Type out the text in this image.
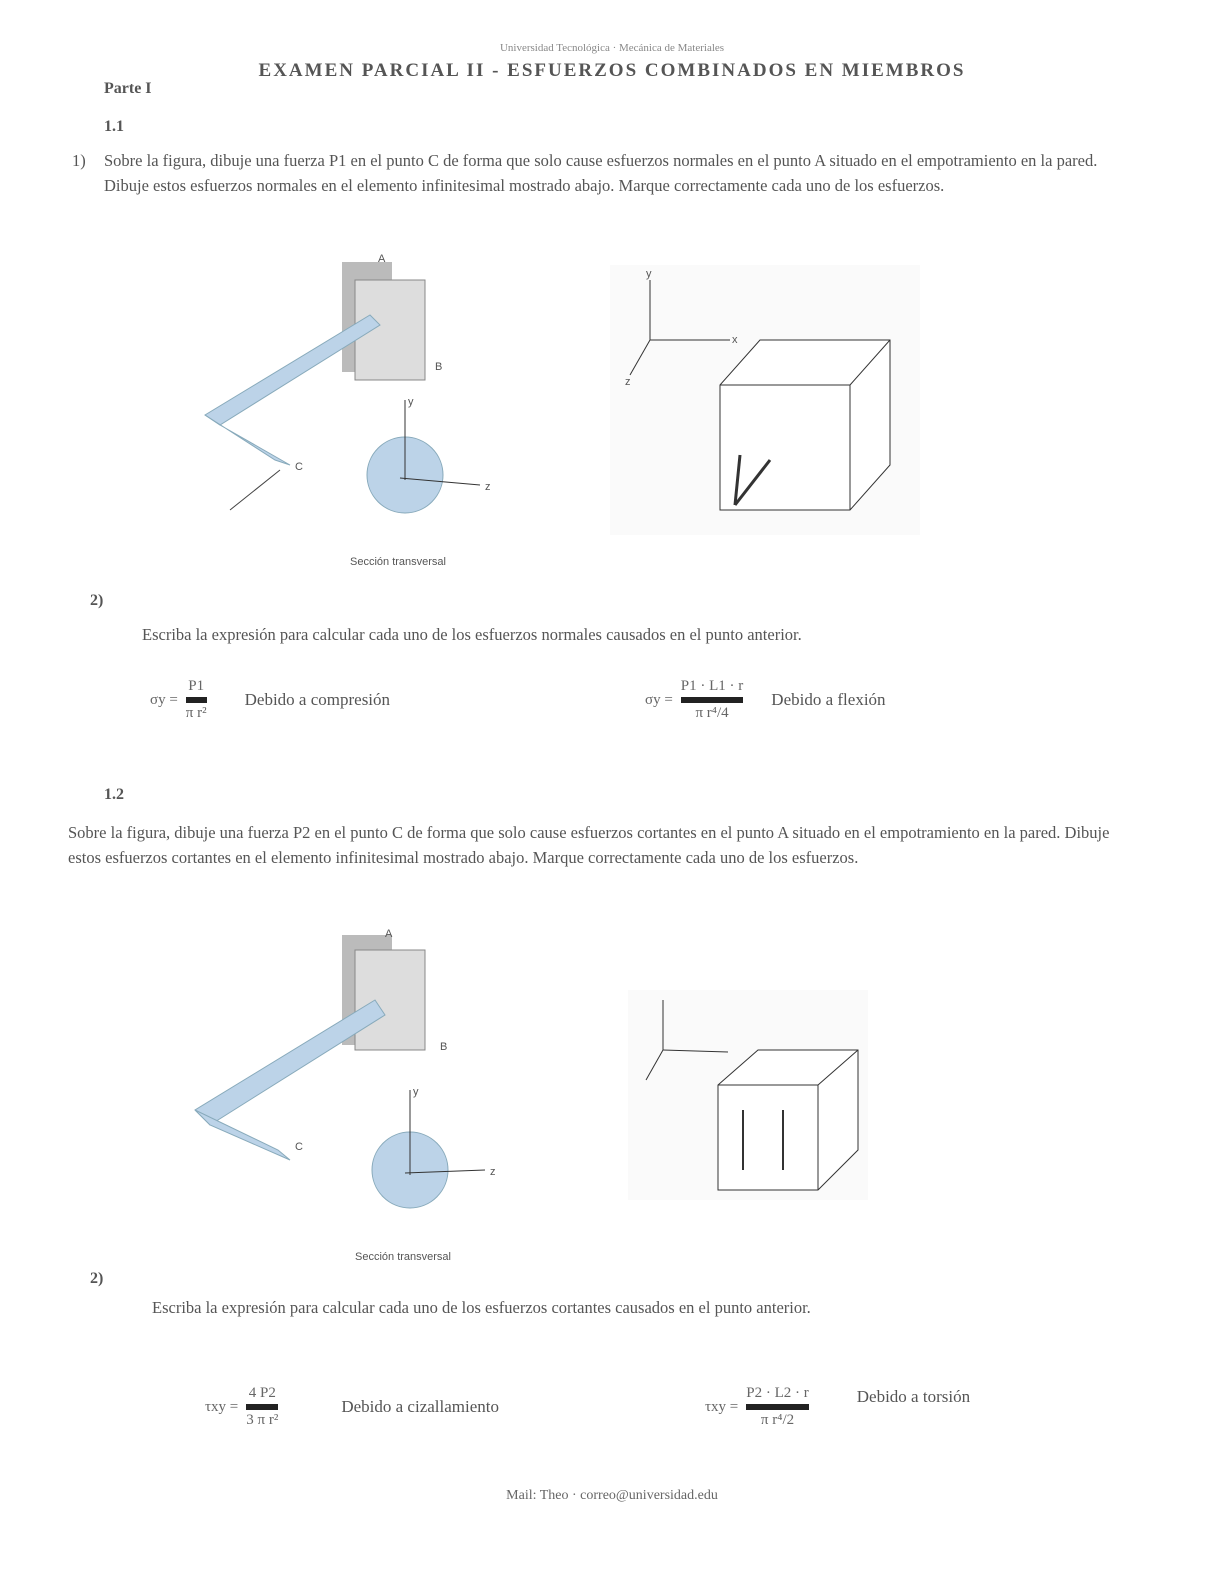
Universidad Tecnológica · Mecánica de Materiales
EXAMEN PARCIAL II - ESFUERZOS COMBINADOS EN MIEMBROS
Parte I
1.1
1) Sobre la figura, dibuje una fuerza P1 en el punto C de forma que solo cause esfuerzos normales en el punto A situado en el empotramiento en la pared. Dibuje estos esfuerzos normales en el elemento infinitesimal mostrado abajo. Marque correctamente cada uno de los esfuerzos.
A
B
C
z
y
Sección transversal
y
x
z
2)
Escriba la expresión para calcular cada uno de los esfuerzos normales causados en el punto anterior.
σy =
P1
π r²
Debido a compresión	σy =
P1 · L1 · r
π r⁴/4
Debido a flexión
1.2
Sobre la figura, dibuje una fuerza P2 en el punto C de forma que solo cause esfuerzos cortantes en el punto A situado en el empotramiento en la pared. Dibuje estos esfuerzos cortantes en el elemento infinitesimal mostrado abajo. Marque correctamente cada uno de los esfuerzos.
A
B
C
y
z
Sección transversal
2)
Escriba la expresión para calcular cada uno de los esfuerzos cortantes causados en el punto anterior.
τxy =
4 P2
3 π r²
Debido a cizallamiento	τxy =
P2 · L2 · r
π r⁴/2
Debido a torsión
Mail: Theo · correo@universidad.edu
